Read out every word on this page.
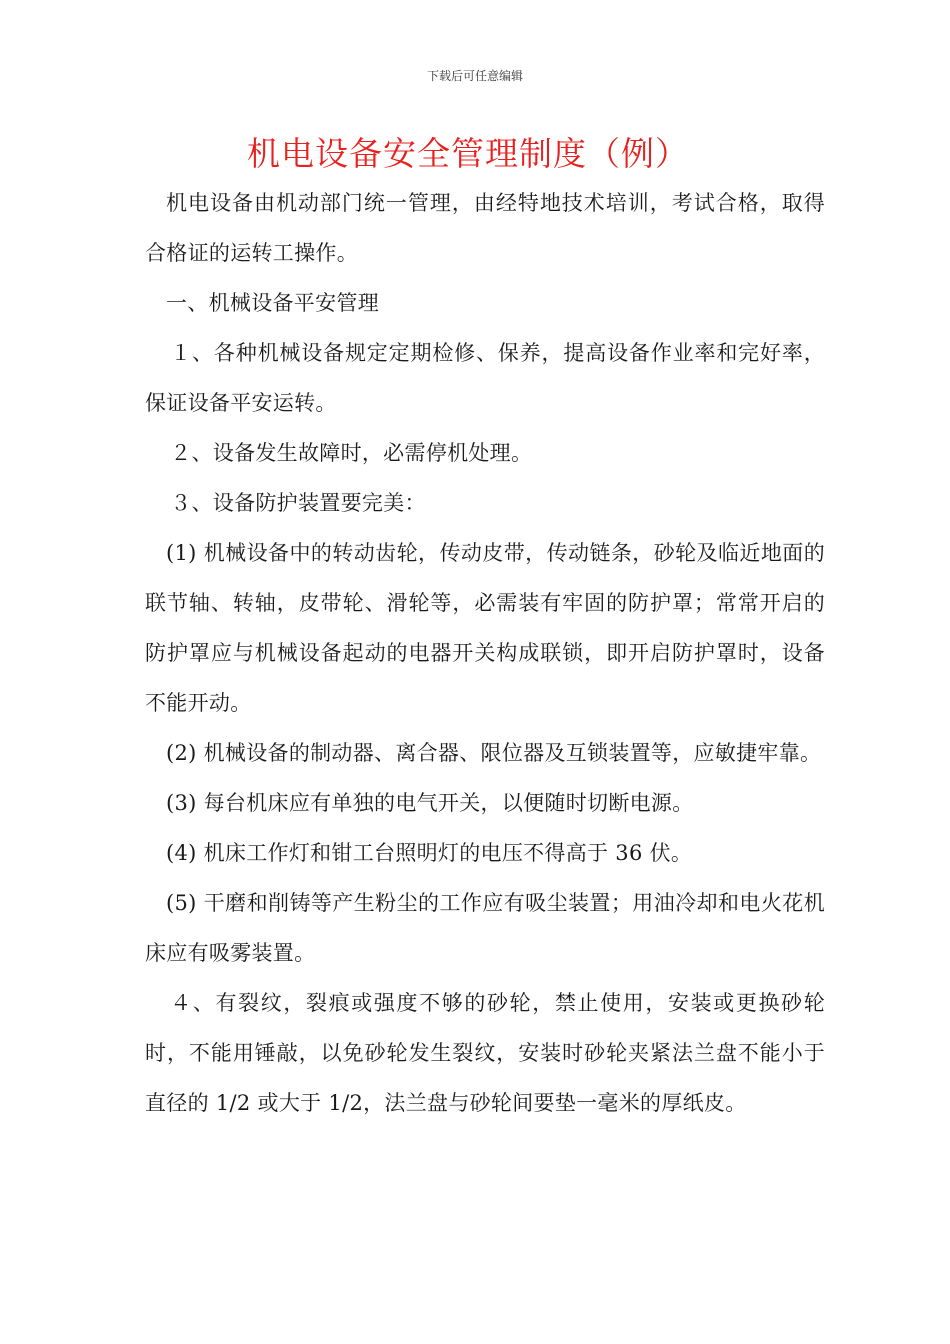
下载后可任意编辑
机电设备安全管理制度（例）

机电设备由机动部门统一管理，由经特地技术培训，考试合格，取得合格证的运转工操作。

一、机械设备平安管理

１、各种机械设备规定定期检修、保养，提高设备作业率和完好率，保证设备平安运转。

２、设备发生故障时，必需停机处理。

３、设备防护装置要完美：

(1) 机械设备中的转动齿轮，传动皮带，传动链条，砂轮及临近地面的联节轴、转轴，皮带轮、滑轮等，必需装有牢固的防护罩；常常开启的防护罩应与机械设备起动的电器开关构成联锁，即开启防护罩时，设备不能开动。

(2) 机械设备的制动器、离合器、限位器及互锁装置等，应敏捷牢靠。

(3) 每台机床应有单独的电气开关，以便随时切断电源。

(4) 机床工作灯和钳工台照明灯的电压不得高于 36 伏。

(5) 干磨和削铸等产生粉尘的工作应有吸尘装置；用油冷却和电火花机床应有吸雾装置。

４、有裂纹，裂痕或强度不够的砂轮，禁止使用，安装或更换砂轮时，不能用锤敲，以免砂轮发生裂纹，安装时砂轮夹紧法兰盘不能小于直径的 1/2 或大于 1/2，法兰盘与砂轮间要垫一毫米的厚纸皮。
